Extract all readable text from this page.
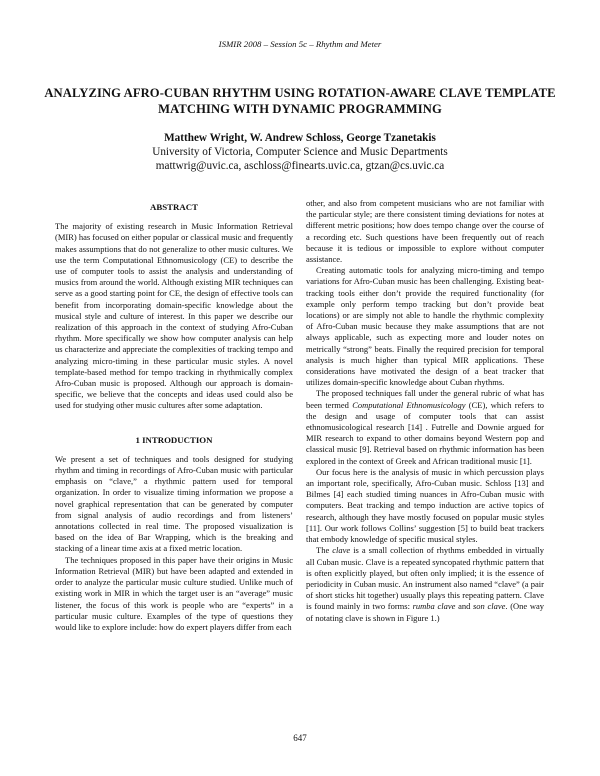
ISMIR 2008 – Session 5c – Rhythm and Meter
ANALYZING AFRO-CUBAN RHYTHM USING ROTATION-AWARE CLAVE TEMPLATE MATCHING WITH DYNAMIC PROGRAMMING
Matthew Wright, W. Andrew Schloss, George Tzanetakis
University of Victoria, Computer Science and Music Departments
mattwrig@uvic.ca, aschloss@finearts.uvic.ca, gtzan@cs.uvic.ca
ABSTRACT

The majority of existing research in Music Information Retrieval (MIR) has focused on either popular or classical music and frequently makes assumptions that do not generalize to other music cultures. We use the term Computational Ethnomusicology (CE) to describe the use of computer tools to assist the analysis and understanding of musics from around the world. Although existing MIR techniques can serve as a good starting point for CE, the design of effective tools can benefit from incorporating domain-specific knowledge about the musical style and culture of interest. In this paper we describe our realization of this approach in the context of studying Afro-Cuban rhythm. More specifically we show how computer analysis can help us characterize and appreciate the complexities of tracking tempo and analyzing micro-timing in these particular music styles. A novel template-based method for tempo tracking in rhythmically complex Afro-Cuban music is proposed. Although our approach is domain-specific, we believe that the concepts and ideas used could also be used for studying other music cultures after some adaptation.

1 INTRODUCTION

We present a set of techniques and tools designed for studying rhythm and timing in recordings of Afro-Cuban music with particular emphasis on “clave,” a rhythmic pattern used for temporal organization. In order to visualize timing information we propose a novel graphical representation that can be generated by computer from signal analysis of audio recordings and from listeners’ annotations collected in real time. The proposed visualization is based on the idea of Bar Wrapping, which is the breaking and stacking of a linear time axis at a fixed metric location.

The techniques proposed in this paper have their origins in Music Information Retrieval (MIR) but have been adapted and extended in order to analyze the particular music culture studied. Unlike much of existing work in MIR in which the target user is an “average” music listener, the focus of this work is people who are “experts” in a particular music culture. Examples of the type of questions they would like to explore include: how do expert players differ from each

other, and also from competent musicians who are not familiar with the particular style; are there consistent timing deviations for notes at different metric positions; how does tempo change over the course of a recording etc. Such questions have been frequently out of reach because it is tedious or impossible to explore without computer assistance.

Creating automatic tools for analyzing micro-timing and tempo variations for Afro-Cuban music has been challenging. Existing beat-tracking tools either don’t provide the required functionality (for example only perform tempo tracking but don’t provide beat locations) or are simply not able to handle the rhythmic complexity of Afro-Cuban music because they make assumptions that are not always applicable, such as expecting more and louder notes on metrically “strong” beats. Finally the required precision for temporal analysis is much higher than typical MIR applications. These considerations have motivated the design of a beat tracker that utilizes domain-specific knowledge about Cuban rhythms.

The proposed techniques fall under the general rubric of what has been termed Computational Ethnomusicology (CE), which refers to the design and usage of computer tools that can assist ethnomusicological research [14] . Futrelle and Downie argued for MIR research to expand to other domains beyond Western pop and classical music [9]. Retrieval based on rhythmic information has been explored in the context of Greek and African traditional music [1].

Our focus here is the analysis of music in which percussion plays an important role, specifically, Afro-Cuban music. Schloss [13] and Bilmes [4] each studied timing nuances in Afro-Cuban music with computers. Beat tracking and tempo induction are active topics of research, although they have mostly focused on popular music styles [11]. Our work follows Collins’ suggestion [5] to build beat trackers that embody knowledge of specific musical styles.

The clave is a small collection of rhythms embedded in virtually all Cuban music. Clave is a repeated syncopated rhythmic pattern that is often explicitly played, but often only implied; it is the essence of periodicity in Cuban music. An instrument also named “clave” (a pair of short sticks hit together) usually plays this repeating pattern. Clave is found mainly in two forms: rumba clave and son clave. (One way of notating clave is shown in Figure 1.)

647
